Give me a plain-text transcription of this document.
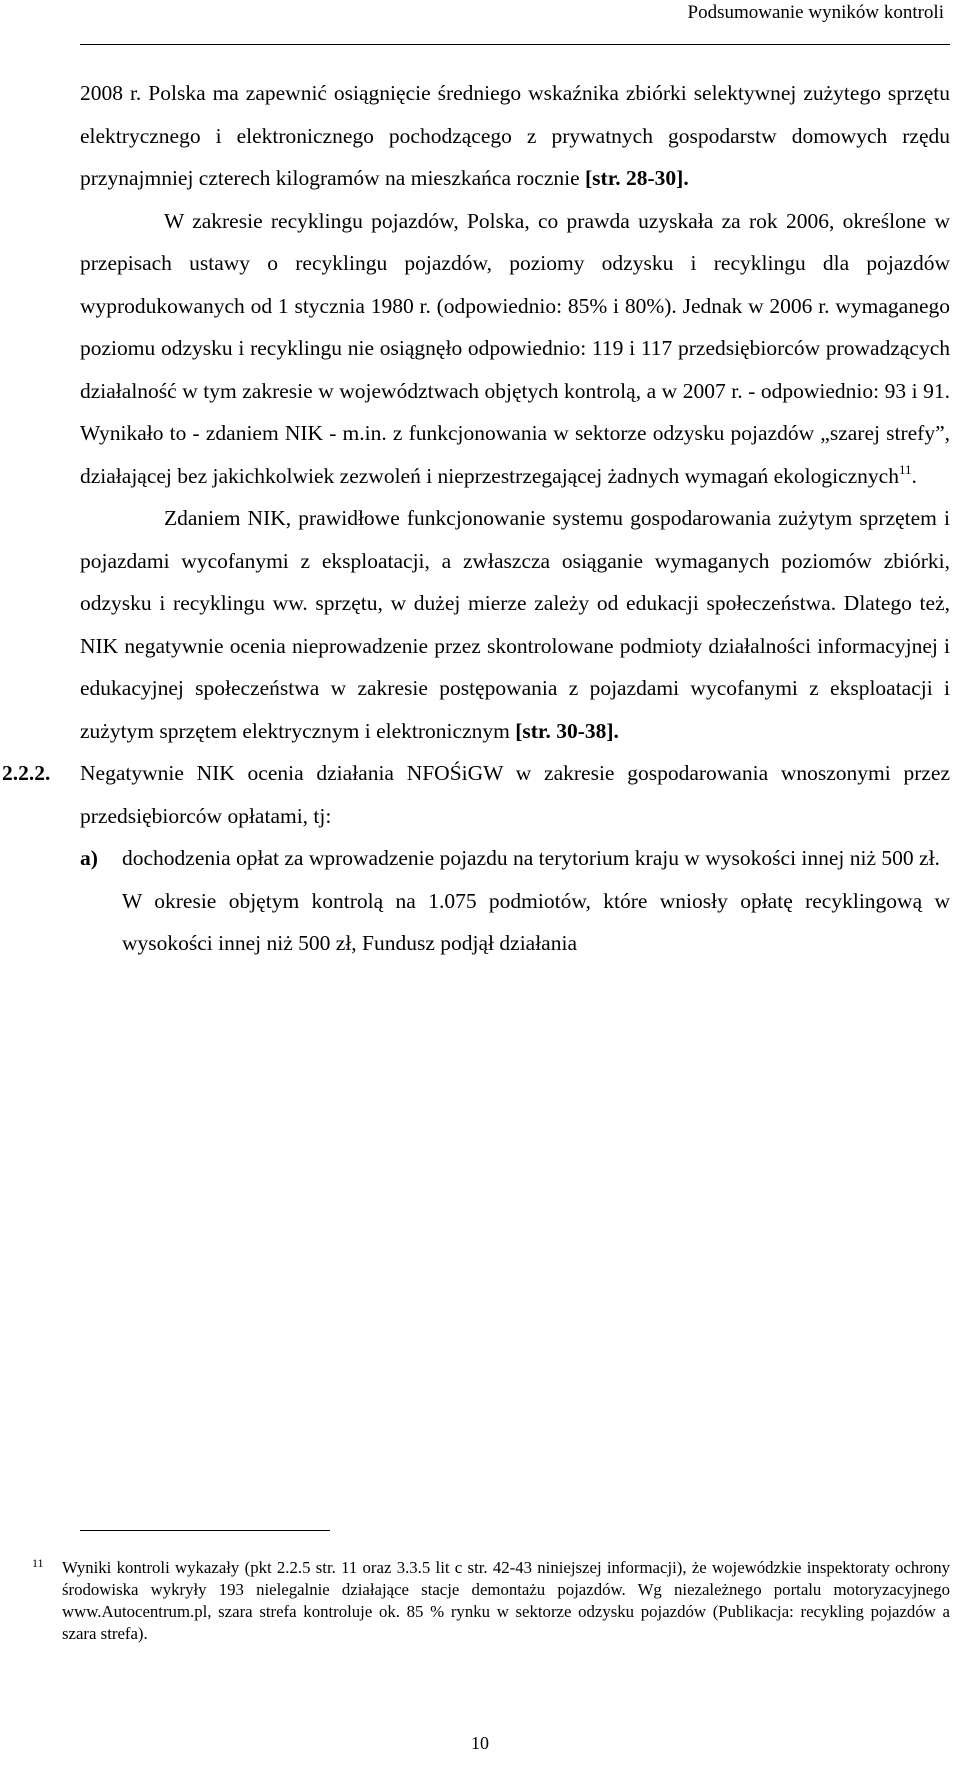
Podsumowanie wyników kontroli

2008 r. Polska ma zapewnić osiągnięcie średniego wskaźnika zbiórki selektywnej zużytego sprzętu elektrycznego i elektronicznego pochodzącego z prywatnych gospodarstw domowych rzędu przynajmniej czterech kilogramów na mieszkańca rocznie [str. 28-30].

W zakresie recyklingu pojazdów, Polska, co prawda uzyskała za rok 2006, określone w przepisach ustawy o recyklingu pojazdów, poziomy odzysku i recyklingu dla pojazdów wyprodukowanych od 1 stycznia 1980 r. (odpowiednio: 85% i 80%). Jednak w 2006 r. wymaganego poziomu odzysku i recyklingu nie osiągnęło odpowiednio: 119 i 117 przedsiębiorców prowadzących działalność w tym zakresie w województwach objętych kontrolą, a w 2007 r. - odpowiednio: 93 i 91. Wynikało to - zdaniem NIK - m.in. z funkcjonowania w sektorze odzysku pojazdów „szarej strefy”, działającej bez jakichkolwiek zezwoleń i nieprzestrzegającej żadnych wymagań ekologicznych$^{11}$.

Zdaniem NIK, prawidłowe funkcjonowanie systemu gospodarowania zużytym sprzętem i pojazdami wycofanymi z eksploatacji, a zwłaszcza osiąganie wymaganych poziomów zbiórki, odzysku i recyklingu ww. sprzętu, w dużej mierze zależy od edukacji społeczeństwa. Dlatego też, NIK negatywnie ocenia nieprowadzenie przez skontrolowane podmioty działalności informacyjnej i edukacyjnej społeczeństwa w zakresie postępowania z pojazdami wycofanymi z eksploatacji i zużytym sprzętem elektrycznym i elektronicznym [str. 30-38].

2.2.2. Negatywnie NIK ocenia działania NFOŚiGW w zakresie gospodarowania wnoszonymi przez przedsiębiorców opłatami, tj:

a) dochodzenia opłat za wprowadzenie pojazdu na terytorium kraju w wysokości innej niż 500 zł.

W okresie objętym kontrolą na 1.075 podmiotów, które wniosły opłatę recyklingową w wysokości innej niż 500 zł, Fundusz podjął działania

11 Wyniki kontroli wykazały (pkt 2.2.5 str. 11 oraz 3.3.5 lit c str. 42-43 niniejszej informacji), że wojewódzkie inspektoraty ochrony środowiska wykryły 193 nielegalnie działające stacje demontażu pojazdów. Wg niezależnego portalu motoryzacyjnego www.Autocentrum.pl, szara strefa kontroluje ok. 85 % rynku w sektorze odzysku pojazdów (Publikacja: recykling pojazdów a szara strefa).

10
